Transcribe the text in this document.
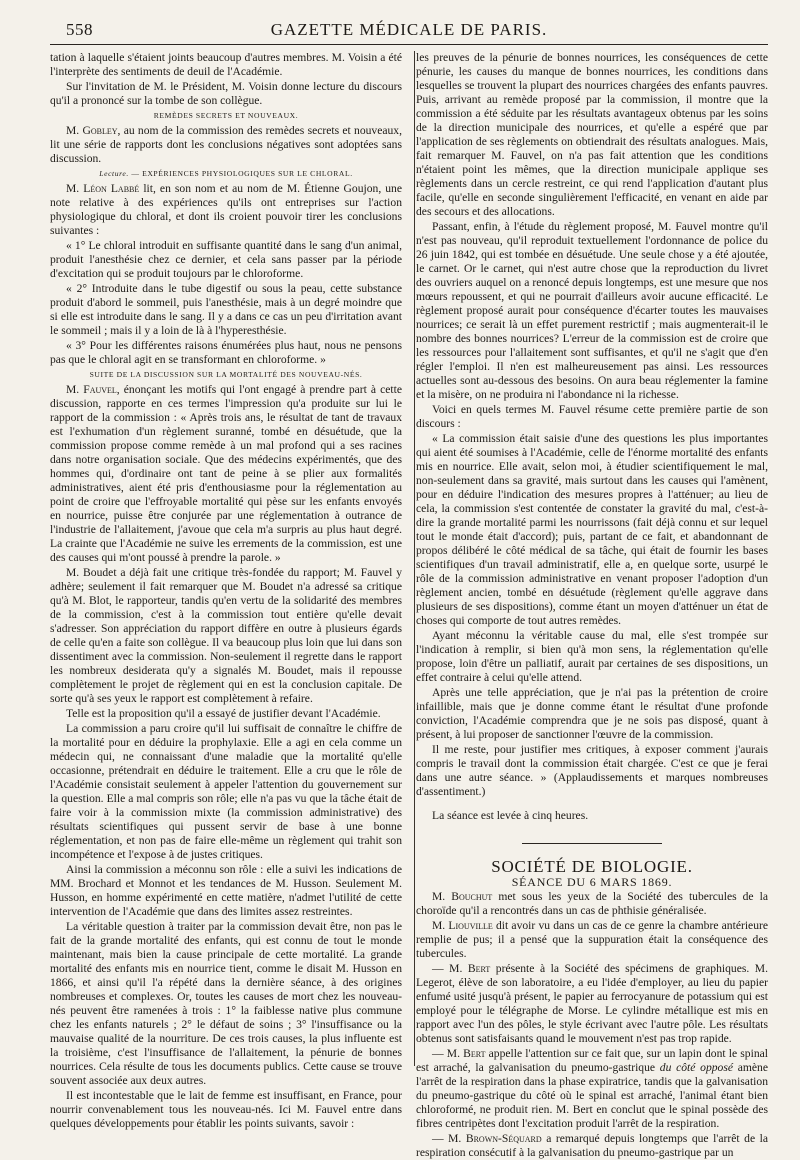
558	GAZETTE MÉDICALE DE PARIS.

tation à laquelle s'étaient joints beaucoup d'autres membres. M. Voisin a été l'interprète des sentiments de deuil de l'Académie.

Sur l'invitation de M. le Président, M. Voisin donne lecture du discours qu'il a prononcé sur la tombe de son collègue.

REMÈDES SECRETS ET NOUVEAUX.

M. Gobley, au nom de la commission des remèdes secrets et nouveaux, lit une série de rapports dont les conclusions négatives sont adoptées sans discussion.

Lecture. — EXPÉRIENCES PHYSIOLOGIQUES SUR LE CHLORAL.

M. Léon Labbé lit, en son nom et au nom de M. Étienne Goujon, une note relative à des expériences qu'ils ont entreprises sur l'action physiologique du chloral, et dont ils croient pouvoir tirer les conclusions suivantes :

« 1° Le chloral introduit en suffisante quantité dans le sang d'un animal, produit l'anesthésie chez ce dernier, et cela sans passer par la période d'excitation qui se produit toujours par le chloroforme.

« 2° Introduite dans le tube digestif ou sous la peau, cette substance produit d'abord le sommeil, puis l'anesthésie, mais à un degré moindre que si elle est introduite dans le sang. Il y a dans ce cas un peu d'irritation avant le sommeil ; mais il y a loin de là à l'hyperesthésie.

« 3° Pour les différentes raisons énumérées plus haut, nous ne pensons pas que le chloral agit en se transformant en chloroforme. »

SUITE DE LA DISCUSSION SUR LA MORTALITÉ DES NOUVEAU-NÉS.

M. Fauvel, énonçant les motifs qui l'ont engagé à prendre part à cette discussion, rapporte en ces termes l'impression qu'a produite sur lui le rapport de la commission : « Après trois ans, le résultat de tant de travaux est l'exhumation d'un règlement suranné, tombé en désuétude, que la commission propose comme remède à un mal profond qui a ses racines dans notre organisation sociale. Que des médecins expérimentés, que des hommes qui, d'ordinaire ont tant de peine à se plier aux formalités administratives, aient été pris d'enthousiasme pour la réglementation au point de croire que l'effroyable mortalité qui pèse sur les enfants envoyés en nourrice, puisse être conjurée par une réglementation à outrance de l'industrie de l'allaitement, j'avoue que cela m'a surpris au plus haut degré. La crainte que l'Académie ne suive les errements de la commission, est une des causes qui m'ont poussé à prendre la parole. »

M. Boudet a déjà fait une critique très-fondée du rapport; M. Fauvel y adhère; seulement il fait remarquer que M. Boudet n'a adressé sa critique qu'à M. Blot, le rapporteur, tandis qu'en vertu de la solidarité des membres de la commission, c'est à la commission tout entière qu'elle devait s'adresser. Son appréciation du rapport diffère en outre à plusieurs égards de celle qu'en a faite son collègue. Il va beaucoup plus loin que lui dans son dissentiment avec la commission. Non-seulement il regrette dans le rapport les nombreux desiderata qu'y a signalés M. Boudet, mais il repousse complètement le projet de règlement qui en est la conclusion capitale. De sorte qu'à ses yeux le rapport est complètement à refaire.

Telle est la proposition qu'il a essayé de justifier devant l'Académie.

La commission a paru croire qu'il lui suffisait de connaître le chiffre de la mortalité pour en déduire la prophylaxie. Elle a agi en cela comme un médecin qui, ne connaissant d'une maladie que la mortalité qu'elle occasionne, prétendrait en déduire le traitement. Elle a cru que le rôle de l'Académie consistait seulement à appeler l'attention du gouvernement sur la question. Elle a mal compris son rôle; elle n'a pas vu que la tâche était de faire voir à la commission mixte (la commission administrative) des résultats scientifiques qui pussent servir de base à une bonne réglementation, et non pas de faire elle-même un règlement qui trahit son incompétence et l'expose à de justes critiques.

Ainsi la commission a méconnu son rôle : elle a suivi les indications de MM. Brochard et Monnot et les tendances de M. Husson. Seulement M. Husson, en homme expérimenté en cette matière, n'admet l'utilité de cette intervention de l'Académie que dans des limites assez restreintes.

La véritable question à traiter par la commission devait être, non pas le fait de la grande mortalité des enfants, qui est connu de tout le monde maintenant, mais bien la cause principale de cette mortalité. La grande mortalité des enfants mis en nourrice tient, comme le disait M. Husson en 1866, et ainsi qu'il l'a répété dans la dernière séance, à des origines nombreuses et complexes. Or, toutes les causes de mort chez les nouveau-nés peuvent être ramenées à trois : 1° la faiblesse native plus commune chez les enfants naturels ; 2° le défaut de soins ; 3° l'insuffisance ou la mauvaise qualité de la nourriture. De ces trois causes, la plus influente est la troisième, c'est l'insuffisance de l'allaitement, la pénurie de bonnes nourrices. Cela résulte de tous les documents publics. Cette cause se trouve souvent associée aux deux autres.

Il est incontestable que le lait de femme est insuffisant, en France, pour nourrir convenablement tous les nouveau-nés. Ici M. Fauvel entre dans quelques développements pour établir les points suivants, savoir :

les preuves de la pénurie de bonnes nourrices, les conséquences de cette pénurie, les causes du manque de bonnes nourrices, les conditions dans lesquelles se trouvent la plupart des nourrices chargées des enfants pauvres. Puis, arrivant au remède proposé par la commission, il montre que la commission a été séduite par les résultats avantageux obtenus par les soins de la direction municipale des nourrices, et qu'elle a espéré que par l'application de ses règlements on obtiendrait des résultats analogues. Mais, fait remarquer M. Fauvel, on n'a pas fait attention que les conditions n'étaient point les mêmes, que la direction municipale applique ses règlements dans un cercle restreint, ce qui rend l'application d'autant plus facile, qu'elle en seconde singulièrement l'efficacité, en venant en aide par des secours et des allocations.

Passant, enfin, à l'étude du règlement proposé, M. Fauvel montre qu'il n'est pas nouveau, qu'il reproduit textuellement l'ordonnance de police du 26 juin 1842, qui est tombée en désuétude. Une seule chose y a été ajoutée, le carnet. Or le carnet, qui n'est autre chose que la reproduction du livret des ouvriers auquel on a renoncé depuis longtemps, est une mesure que nos mœurs repoussent, et qui ne pourrait d'ailleurs avoir aucune efficacité. Le règlement proposé aurait pour conséquence d'écarter toutes les mauvaises nourrices; ce serait là un effet purement restrictif ; mais augmenterait-il le nombre des bonnes nourrices? L'erreur de la commission est de croire que les ressources pour l'allaitement sont suffisantes, et qu'il ne s'agit que d'en régler l'emploi. Il n'en est malheureusement pas ainsi. Les ressources actuelles sont au-dessous des besoins. On aura beau réglementer la famine et la misère, on ne produira ni l'abondance ni la richesse.

Voici en quels termes M. Fauvel résume cette première partie de son discours :

« La commission était saisie d'une des questions les plus importantes qui aient été soumises à l'Académie, celle de l'énorme mortalité des enfants mis en nourrice. Elle avait, selon moi, à étudier scientifiquement le mal, non-seulement dans sa gravité, mais surtout dans les causes qui l'amènent, pour en déduire l'indication des mesures propres à l'atténuer; au lieu de cela, la commission s'est contentée de constater la gravité du mal, c'est-à-dire la grande mortalité parmi les nourrissons (fait déjà connu et sur lequel tout le monde était d'accord); puis, partant de ce fait, et abandonnant de propos délibéré le côté médical de sa tâche, qui était de fournir les bases scientifiques d'un travail administratif, elle a, en quelque sorte, usurpé le rôle de la commission administrative en venant proposer l'adoption d'un règlement ancien, tombé en désuétude (règlement qu'elle aggrave dans plusieurs de ses dispositions), comme étant un moyen d'atténuer un état de choses qui comporte de tout autres remèdes.

Ayant méconnu la véritable cause du mal, elle s'est trompée sur l'indication à remplir, si bien qu'à mon sens, la réglementation qu'elle propose, loin d'être un palliatif, aurait par certaines de ses dispositions, un effet contraire à celui qu'elle attend.

Après une telle appréciation, que je n'ai pas la prétention de croire infaillible, mais que je donne comme étant le résultat d'une profonde conviction, l'Académie comprendra que je ne sois pas disposé, quant à présent, à lui proposer de sanctionner l'œuvre de la commission.

Il me reste, pour justifier mes critiques, à exposer comment j'aurais compris le travail dont la commission était chargée. C'est ce que je ferai dans une autre séance. » (Applaudissements et marques nombreuses d'assentiment.)

La séance est levée à cinq heures.

SOCIÉTÉ DE BIOLOGIE.

SÉANCE DU 6 MARS 1869.

M. Bouchut met sous les yeux de la Société des tubercules de la choroïde qu'il a rencontrés dans un cas de phthisie généralisée.

M. Liouville dit avoir vu dans un cas de ce genre la chambre antérieure remplie de pus; il a pensé que la suppuration était la conséquence des tubercules.

— M. Bert présente à la Société des spécimens de graphiques. M. Legerot, élève de son laboratoire, a eu l'idée d'employer, au lieu du papier enfumé usité jusqu'à présent, le papier au ferrocyanure de potassium qui est employé pour le télégraphe de Morse. Le cylindre métallique est mis en rapport avec l'un des pôles, le style écrivant avec l'autre pôle. Les résultats obtenus sont satisfaisants quand le mouvement n'est pas trop rapide.

— M. Bert appelle l'attention sur ce fait que, sur un lapin dont le spinal est arraché, la galvanisation du pneumo-gastrique du côté opposé amène l'arrêt de la respiration dans la phase expiratrice, tandis que la galvanisation du pneumo-gastrique du côté où le spinal est arraché, l'animal étant bien chloroformé, ne produit rien. M. Bert en conclut que le spinal possède des fibres centripètes dont l'excitation produit l'arrêt de la respiration.

— M. Brown-Séquard a remarqué depuis longtemps que l'arrêt de la respiration consécutif à la galvanisation du pneumo-gastrique par un
